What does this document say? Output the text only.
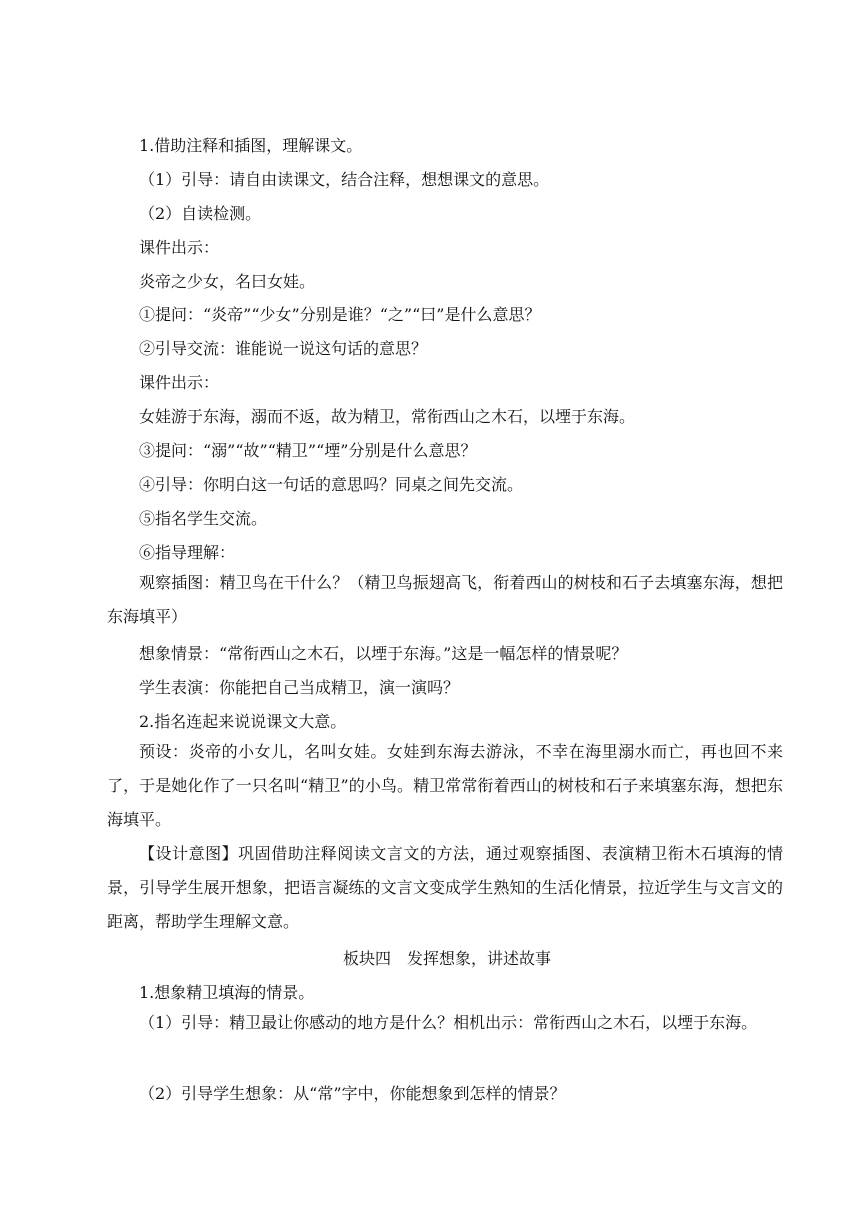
1.借助注释和插图，理解课文。
（1）引导：请自由读课文，结合注释，想想课文的意思。
（2）自读检测。
课件出示：
炎帝之少女，名曰女娃。
①提问：“炎帝”“少女”分别是谁？“之”“曰”是什么意思？
②引导交流：谁能说一说这句话的意思？
课件出示：
女娃游于东海，溺而不返，故为精卫，常衔西山之木石，以堙于东海。
③提问：“溺”“故”“精卫”“堙”分别是什么意思？
④引导：你明白这一句话的意思吗？同桌之间先交流。
⑤指名学生交流。
⑥指导理解：
观察插图：精卫鸟在干什么？（精卫鸟振翅高飞，衔着西山的树枝和石子去填塞东海，想把东海填平）
想象情景：“常衔西山之木石，以堙于东海。”这是一幅怎样的情景呢？
学生表演：你能把自己当成精卫，演一演吗？
2.指名连起来说说课文大意。
预设：炎帝的小女儿，名叫女娃。女娃到东海去游泳，不幸在海里溺水而亡，再也回不来了，于是她化作了一只名叫“精卫”的小鸟。精卫常常衔着西山的树枝和石子来填塞东海，想把东海填平。
【设计意图】巩固借助注释阅读文言文的方法，通过观察插图、表演精卫衔木石填海的情景，引导学生展开想象，把语言凝练的文言文变成学生熟知的生活化情景，拉近学生与文言文的距离，帮助学生理解文意。
板块四　发挥想象，讲述故事
1.想象精卫填海的情景。
（1）引导：精卫最让你感动的地方是什么？相机出示：常衔西山之木石，以堙于东海。
（2）引导学生想象：从“常”字中，你能想象到怎样的情景？
